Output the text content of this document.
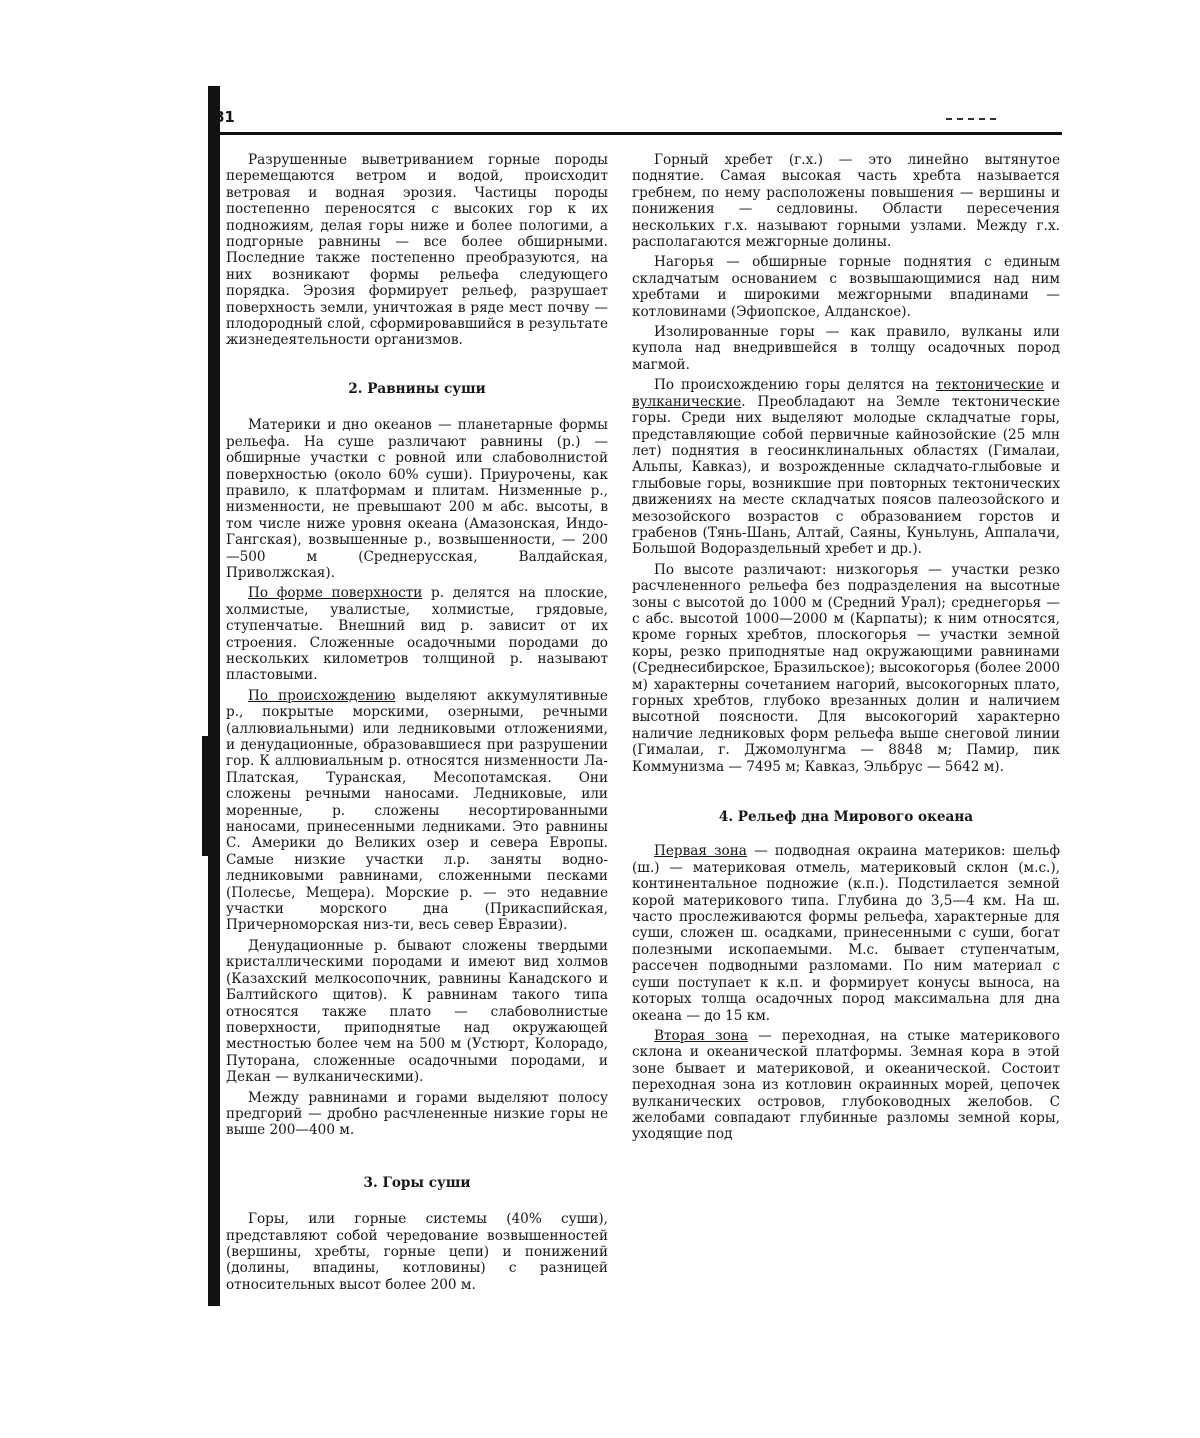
81

Разрушенные выветриванием горные породы перемещаются ветром и водой, происходит ветровая и водная эрозия. Частицы породы постепенно переносятся с высоких гор к их подножиям, делая горы ниже и более пологими, а подгорные равнины — все более обширными. Последние также постепенно преобразуются, на них возникают формы рельефа следующего порядка. Эрозия формирует рельеф, разрушает поверхность земли, уничтожая в ряде мест почву — плодородный слой, сформировавшийся в результате жизнедеятельности организмов.

2. Равнины суши

Материки и дно океанов — планетарные формы рельефа. На суше различают равнины (р.) — обширные участки с ровной или слабоволнистой поверхностью (около 60% суши). Приурочены, как правило, к платформам и плитам. Низменные р., низменности, не превышают 200 м абс. высоты, в том числе ниже уровня океана (Амазонская, Индо-Гангская), возвышенные р., возвышенности, — 200—500 м (Среднерусская, Валдайская, Приволжская).

По форме поверхности р. делятся на плоские, холмистые, увалистые, холмистые, грядовые, ступенчатые. Внешний вид р. зависит от их строения. Сложенные осадочными породами до нескольких километров толщиной р. называют пластовыми.

По происхождению выделяют аккумулятивные р., покрытые морскими, озерными, речными (аллювиальными) или ледниковыми отложениями, и денудационные, образовавшиеся при разрушении гор. К аллювиальным р. относятся низменности Ла-Платская, Туранская, Месопотамская. Они сложены речными наносами. Ледниковые, или моренные, р. сложены несортированными наносами, принесенными ледниками. Это равнины С. Америки до Великих озер и севера Европы. Самые низкие участки л.р. заняты водно-ледниковыми равнинами, сложенными песками (Полесье, Мещера). Морские р. — это недавние участки морского дна (Прикаспийская, Причерноморская низ-ти, весь север Евразии).

Денудационные р. бывают сложены твердыми кристаллическими породами и имеют вид холмов (Казахский мелкосопочник, равнины Канадского и Балтийского щитов). К равнинам такого типа относятся также плато — слабоволнистые поверхности, приподнятые над окружающей местностью более чем на 500 м (Устюрт, Колорадо, Путорана, сложенные осадочными породами, и Декан — вулканическими).

Между равнинами и горами выделяют полосу предгорий — дробно расчлененные низкие горы не выше 200—400 м.

3. Горы суши

Горы, или горные системы (40% суши), представляют собой чередование возвышенностей (вершины, хребты, горные цепи) и понижений (долины, впадины, котловины) с разницей относительных высот более 200 м.

Горный хребет (г.х.) — это линейно вытянутое поднятие. Самая высокая часть хребта называется гребнем, по нему расположены повышения — вершины и понижения — седловины. Области пересечения нескольких г.х. называют горными узлами. Между г.х. располагаются межгорные долины.

Нагорья — обширные горные поднятия с единым складчатым основанием с возвышающимися над ним хребтами и широкими межгорными впадинами — котловинами (Эфиопское, Алданское).

Изолированные горы — как правило, вулканы или купола над внедрившейся в толщу осадочных пород магмой.

По происхождению горы делятся на тектонические и вулканические. Преобладают на Земле тектонические горы. Среди них выделяют молодые складчатые горы, представляющие собой первичные кайнозойские (25 млн лет) поднятия в геосинклинальных областях (Гималаи, Альпы, Кавказ), и возрожденные складчато-глыбовые и глыбовые горы, возникшие при повторных тектонических движениях на месте складчатых поясов палеозойского и мезозойского возрастов с образованием горстов и грабенов (Тянь-Шань, Алтай, Саяны, Куньлунь, Аппалачи, Большой Водораздельный хребет и др.).

По высоте различают: низкогорья — участки резко расчлененного рельефа без подразделения на высотные зоны с высотой до 1000 м (Средний Урал); среднегорья — с абс. высотой 1000—2000 м (Карпаты); к ним относятся, кроме горных хребтов, плоскогорья — участки земной коры, резко приподнятые над окружающими равнинами (Среднесибирское, Бразильское); высокогорья (более 2000 м) характерны сочетанием нагорий, высокогорных плато, горных хребтов, глубоко врезанных долин и наличием высотной поясности. Для высокогорий характерно наличие ледниковых форм рельефа выше снеговой линии (Гималаи, г. Джомолунгма — 8848 м; Памир, пик Коммунизма — 7495 м; Кавказ, Эльбрус — 5642 м).

4. Рельеф дна Мирового океана

Первая зона — подводная окраина материков: шельф (ш.) — материковая отмель, материковый склон (м.с.), континентальное подножие (к.п.). Подстилается земной корой материкового типа. Глубина до 3,5—4 км. На ш. часто прослеживаются формы рельефа, характерные для суши, сложен ш. осадками, принесенными с суши, богат полезными ископаемыми. М.с. бывает ступенчатым, рассечен подводными разломами. По ним материал с суши поступает к к.п. и формирует конусы выноса, на которых толща осадочных пород максимальна для дна океана — до 15 км.

Вторая зона — переходная, на стыке материкового склона и океанической платформы. Земная кора в этой зоне бывает и материковой, и океанической. Состоит переходная зона из котловин окраинных морей, цепочек вулканических островов, глубоководных желобов. С желобами совпадают глубинные разломы земной коры, уходящие под
